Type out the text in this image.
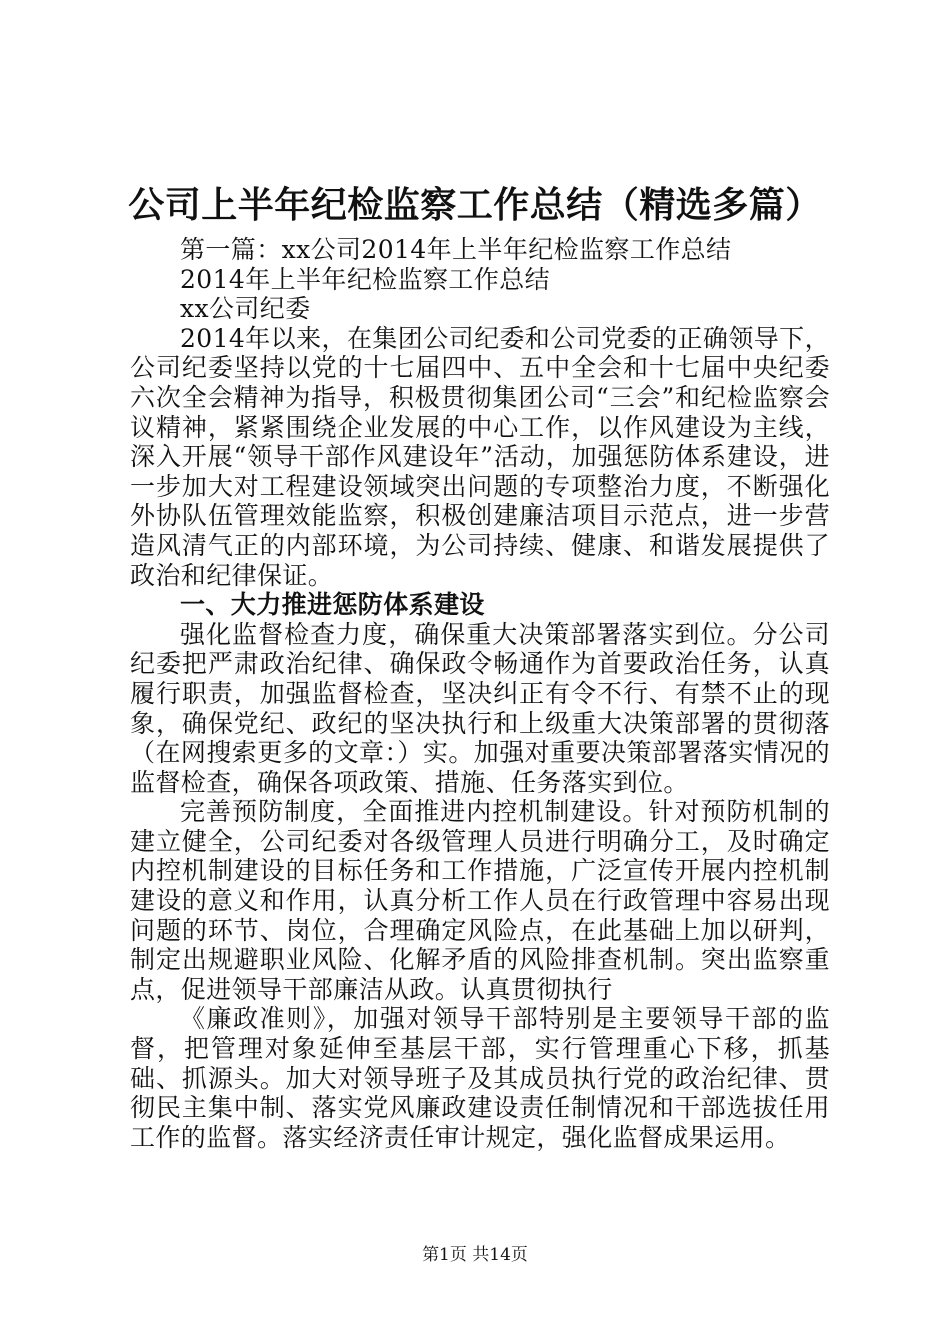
公司上半年纪检监察工作总结（精选多篇）

第一篇：xx公司2014年上半年纪检监察工作总结

2014年上半年纪检监察工作总结

xx公司纪委

2014年以来，在集团公司纪委和公司党委的正确领导下，公司纪委坚持以党的十七届四中、五中全会和十七届中央纪委六次全会精神为指导，积极贯彻集团公司“三会”和纪检监察会议精神，紧紧围绕企业发展的中心工作，以作风建设为主线，深入开展“领导干部作风建设年”活动，加强惩防体系建设，进一步加大对工程建设领域突出问题的专项整治力度，不断强化外协队伍管理效能监察，积极创建廉洁项目示范点，进一步营造风清气正的内部环境，为公司持续、健康、和谐发展提供了政治和纪律保证。

一、大力推进惩防体系建设

强化监督检查力度，确保重大决策部署落实到位。分公司纪委把严肃政治纪律、确保政令畅通作为首要政治任务，认真履行职责，加强监督检查，坚决纠正有令不行、有禁不止的现象，确保党纪、政纪的坚决执行和上级重大决策部署的贯彻落（在网搜索更多的文章：）实。加强对重要决策部署落实情况的监督检查，确保各项政策、措施、任务落实到位。

完善预防制度，全面推进内控机制建设。针对预防机制的建立健全，公司纪委对各级管理人员进行明确分工，及时确定内控机制建设的目标任务和工作措施，广泛宣传开展内控机制建设的意义和作用，认真分析工作人员在行政管理中容易出现问题的环节、岗位，合理确定风险点，在此基础上加以研判，制定出规避职业风险、化解矛盾的风险排查机制。突出监察重点，促进领导干部廉洁从政。认真贯彻执行

《廉政准则》，加强对领导干部特别是主要领导干部的监督，把管理对象延伸至基层干部，实行管理重心下移，抓基础、抓源头。加大对领导班子及其成员执行党的政治纪律、贯彻民主集中制、落实党风廉政建设责任制情况和干部选拔任用工作的监督。落实经济责任审计规定，强化监督成果运用。

第1页 共14页
